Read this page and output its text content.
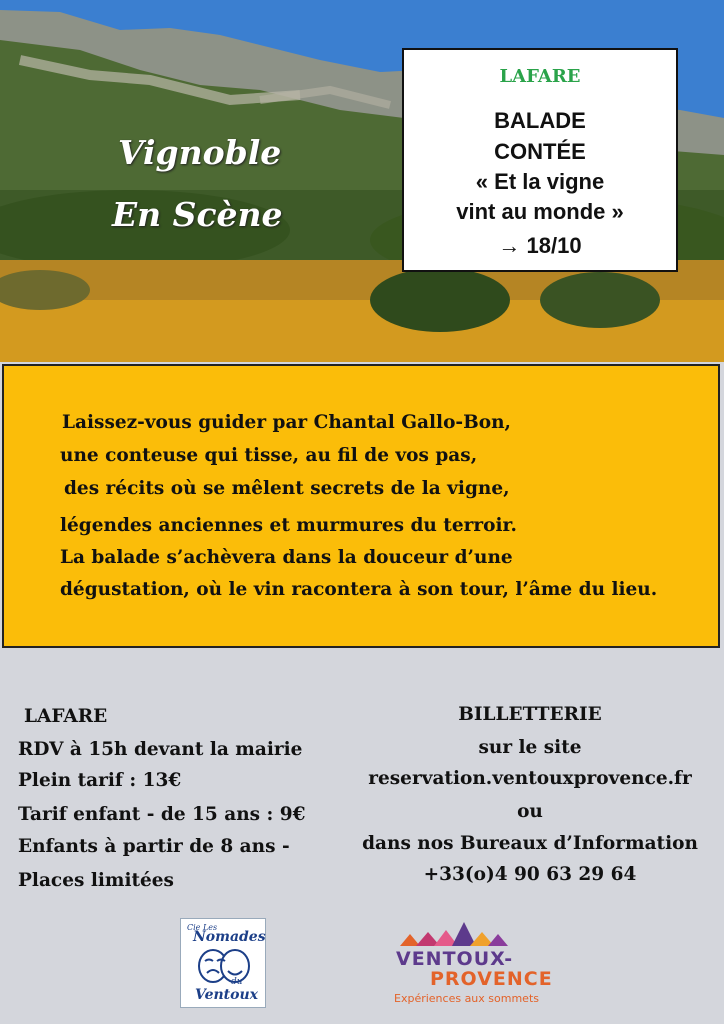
Vignoble
En Scène
LAFARE
BALADE
CONTÉE
« Et la vigne
vint au monde »
→ 18/10
Laissez-vous guider par Chantal Gallo-Bon,
une conteuse qui tisse, au fil de vos pas,
des récits où se mêlent secrets de la vigne,
légendes anciennes et murmures du terroir.
La balade s’achèvera dans la douceur d’une
dégustation, où le vin racontera à son tour, l’âme du lieu.
LAFARE
RDV à 15h devant la mairie
Plein tarif : 13€
Tarif enfant - de 15 ans : 9€
Enfants à partir de 8 ans -
Places limitées
BILLETTERIE
sur le site
reservation.ventouxprovence.fr
ou
dans nos Bureaux d’Information
+33(o)4 90 63 29 64
Cie Les
Nomades
du
Ventoux
VENTOUX-
PROVENCE
Expériences aux sommets
